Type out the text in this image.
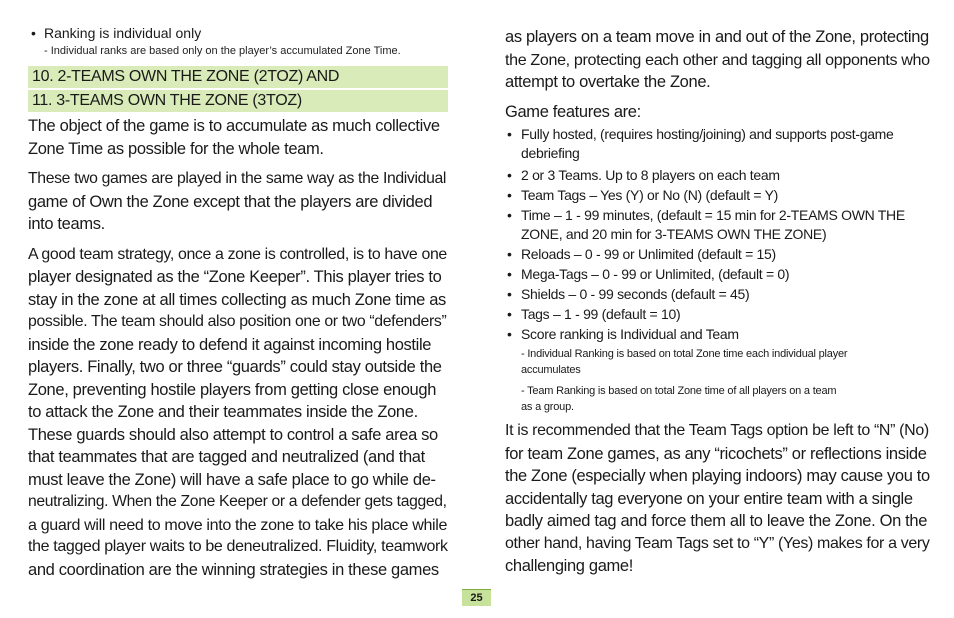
• Ranking is individual only
- Individual ranks are based only on the player’s accumulated Zone Time.
10. 2-TEAMS OWN THE ZONE (2TOZ) AND
11. 3-TEAMS OWN THE ZONE (3TOZ)
The object of the game is to accumulate as much collective
Zone Time as possible for the whole team.
These two games are played in the same way as the Individual
game of Own the Zone except that the players are divided
into teams.
A good team strategy, once a zone is controlled, is to have one
player designated as the “Zone Keeper”. This player tries to
stay in the zone at all times collecting as much Zone time as
possible. The team should also position one or two “defenders”
inside the zone ready to defend it against incoming hostile
players. Finally, two or three “guards” could stay outside the
Zone, preventing hostile players from getting close enough
to attack the Zone and their teammates inside the Zone.
These guards should also attempt to control a safe area so
that teammates that are tagged and neutralized (and that
must leave the Zone) will have a safe place to go while de-
neutralizing. When the Zone Keeper or a defender gets tagged,
a guard will need to move into the zone to take his place while
the tagged player waits to be deneutralized. Fluidity, teamwork
and coordination are the winning strategies in these games
as players on a team move in and out of the Zone, protecting
the Zone, protecting each other and tagging all opponents who
attempt to overtake the Zone.
Game features are:
• Fully hosted, (requires hosting/joining) and supports post-game
debriefing
• 2 or 3 Teams. Up to 8 players on each team
• Team Tags – Yes (Y) or No (N) (default = Y)
• Time – 1 - 99 minutes, (default = 15 min for 2-TEAMS OWN THE
ZONE, and 20 min for 3-TEAMS OWN THE ZONE)
• Reloads – 0 - 99 or Unlimited (default = 15)
• Mega-Tags – 0 - 99 or Unlimited, (default = 0)
• Shields – 0 - 99 seconds (default = 45)
• Tags – 1 - 99 (default = 10)
• Score ranking is Individual and Team
- Individual Ranking is based on total Zone time each individual player
accumulates
- Team Ranking is based on total Zone time of all players on a team
as a group.
It is recommended that the Team Tags option be left to “N” (No)
for team Zone games, as any “ricochets” or reflections inside
the Zone (especially when playing indoors) may cause you to
accidentally tag everyone on your entire team with a single
badly aimed tag and force them all to leave the Zone. On the
other hand, having Team Tags set to “Y” (Yes) makes for a very
challenging game!
25
